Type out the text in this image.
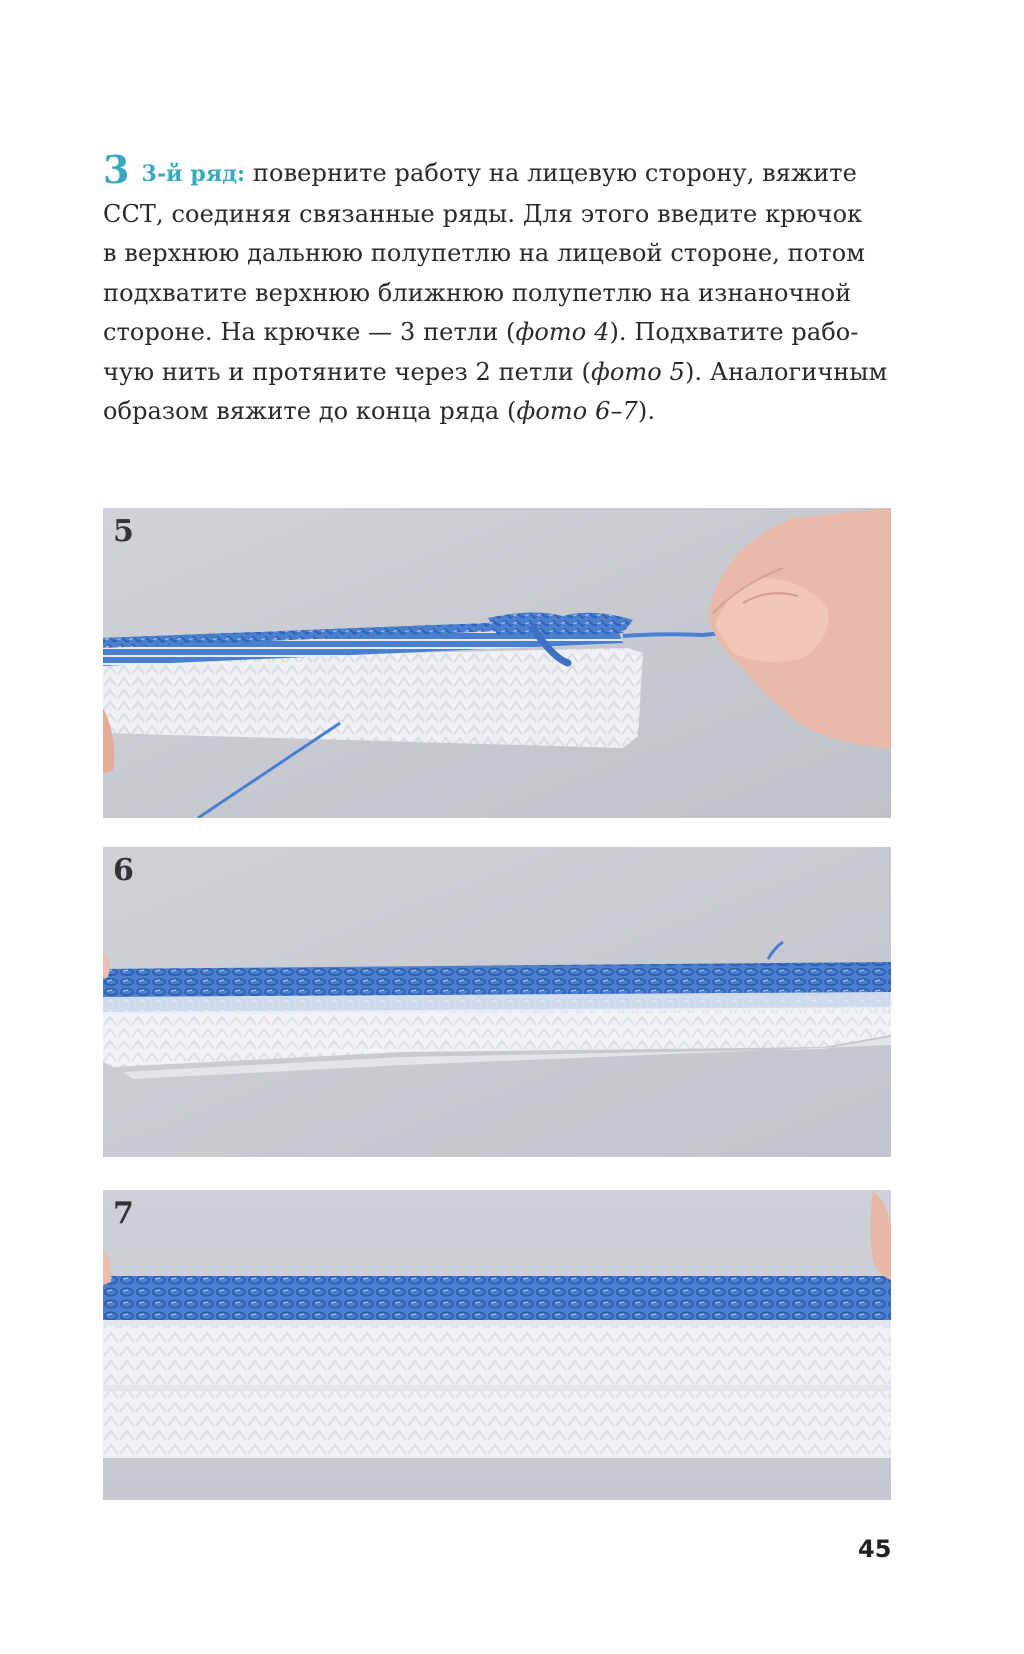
3 3-й ряд: поверните работу на лицевую сторону, вяжите
ССТ, соединяя связанные ряды. Для этого введите крючок
в верхнюю дальнюю полупетлю на лицевой стороне, потом
подхватите верхнюю ближнюю полупетлю на изнаночной
стороне. На крючке — 3 петли (фото 4). Подхватите рабо-
чую нить и протяните через 2 петли (фото 5). Аналогичным
образом вяжите до конца ряда (фото 6–7).
5
6
7
45
